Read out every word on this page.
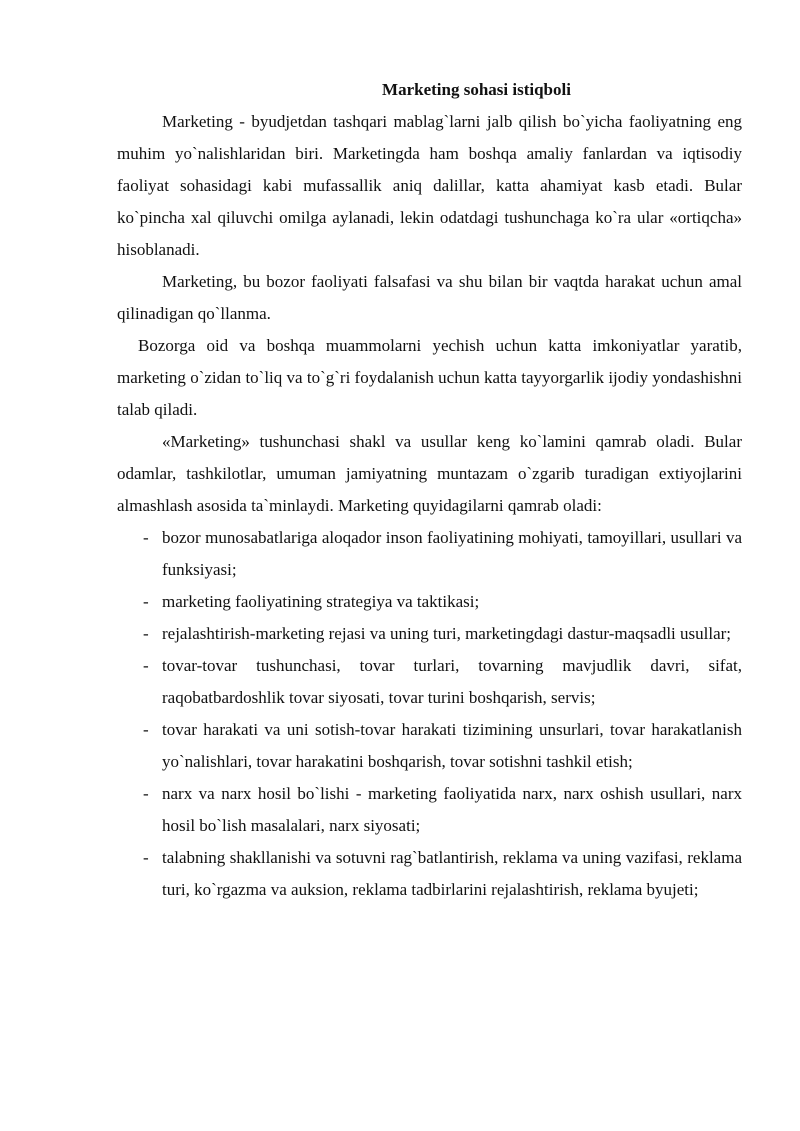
Marketing sohasi istiqboli

Marketing - byudjetdan tashqari mablag`larni jalb qilish bo`yicha faoliyatning eng muhim yo`nalishlaridan biri. Marketingda ham boshqa amaliy fanlardan va iqtisodiy faoliyat sohasidagi kabi mufassallik aniq dalillar, katta ahamiyat kasb etadi. Bular ko`pincha xal qiluvchi omilga aylanadi, lekin odatdagi tushunchaga ko`ra ular «ortiqcha» hisoblanadi.

Marketing, bu bozor faoliyati falsafasi va shu bilan bir vaqtda harakat uchun amal qilinadigan qo`llanma.

Bozorga oid va boshqa muammolarni yechish uchun katta imkoniyatlar yaratib, marketing o`zidan to`liq va to`g`ri foydalanish uchun katta tayyorgarlik ijodiy yondashishni talab qiladi.

«Marketing» tushunchasi shakl va usullar keng ko`lamini qamrab oladi. Bular odamlar, tashkilotlar, umuman jamiyatning muntazam o`zgarib turadigan extiyojlarini almashlash asosida ta`minlaydi. Marketing quyidagilarni qamrab oladi:

- bozor munosabatlariga aloqador inson faoliyatining mohiyati, tamoyillari, usullari va funksiyasi;
- marketing faoliyatining strategiya va taktikasi;
- rejalashtirish-marketing rejasi va uning turi, marketingdagi dastur-maqsadli usullar;
- tovar-tovar tushunchasi, tovar turlari, tovarning mavjudlik davri, sifat, raqobatbardoshlik tovar siyosati, tovar turini boshqarish, servis;
- tovar harakati va uni sotish-tovar harakati tizimining unsurlari, tovar harakatlanish yo`nalishlari, tovar harakatini boshqarish, tovar sotishni tashkil etish;
- narx va narx hosil bo`lishi - marketing faoliyatida narx, narx oshish usullari, narx hosil bo`lish masalalari, narx siyosati;
- talabning shakllanishi va sotuvni rag`batlantirish, reklama va uning vazifasi, reklama turi, ko`rgazma va auksion, reklama tadbirlarini rejalashtirish, reklama byujeti;
